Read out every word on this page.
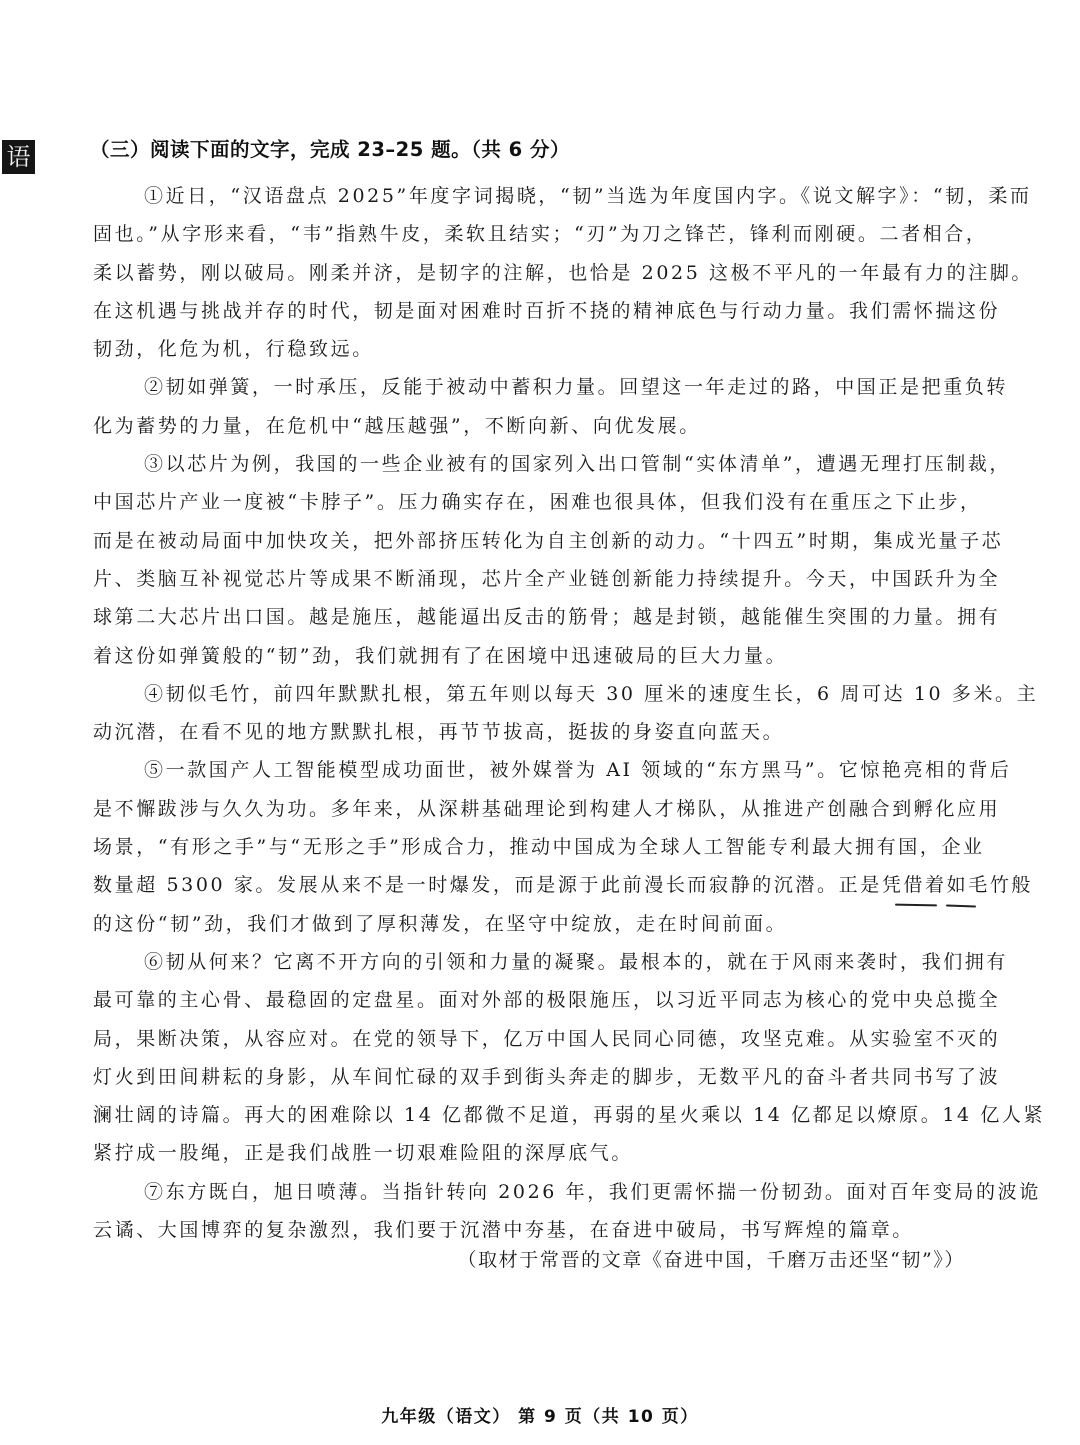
语	（三）阅读下面的文字，完成 23–25 题。（共 6 分）
①近日，“汉语盘点 2025”年度字词揭晓，“韧”当选为年度国内字。《说文解字》：“韧，柔而
固也。”从字形来看，“韦”指熟牛皮，柔软且结实；“刃”为刀之锋芒，锋利而刚硬。二者相合，
柔以蓄势，刚以破局。刚柔并济，是韧字的注解，也恰是 2025 这极不平凡的一年最有力的注脚。
在这机遇与挑战并存的时代，韧是面对困难时百折不挠的精神底色与行动力量。我们需怀揣这份
韧劲，化危为机，行稳致远。
②韧如弹簧，一时承压，反能于被动中蓄积力量。回望这一年走过的路，中国正是把重负转
化为蓄势的力量，在危机中“越压越强”，不断向新、向优发展。
③以芯片为例，我国的一些企业被有的国家列入出口管制“实体清单”，遭遇无理打压制裁，
中国芯片产业一度被“卡脖子”。压力确实存在，困难也很具体，但我们没有在重压之下止步，
而是在被动局面中加快攻关，把外部挤压转化为自主创新的动力。“十四五”时期，集成光量子芯
片、类脑互补视觉芯片等成果不断涌现，芯片全产业链创新能力持续提升。今天，中国跃升为全
球第二大芯片出口国。越是施压，越能逼出反击的筋骨；越是封锁，越能催生突围的力量。拥有
着这份如弹簧般的“韧”劲，我们就拥有了在困境中迅速破局的巨大力量。
④韧似毛竹，前四年默默扎根，第五年则以每天 30 厘米的速度生长，6 周可达 10 多米。主
动沉潜，在看不见的地方默默扎根，再节节拔高，挺拔的身姿直向蓝天。
⑤一款国产人工智能模型成功面世，被外媒誉为 AI 领域的“东方黑马”。它惊艳亮相的背后
是不懈跋涉与久久为功。多年来，从深耕基础理论到构建人才梯队，从推进产创融合到孵化应用
场景，“有形之手”与“无形之手”形成合力，推动中国成为全球人工智能专利最大拥有国，企业
数量超 5300 家。发展从来不是一时爆发，而是源于此前漫长而寂静的沉潜。正是凭借着如毛竹般
的这份“韧”劲，我们才做到了厚积薄发，在坚守中绽放，走在时间前面。
⑥韧从何来？它离不开方向的引领和力量的凝聚。最根本的，就在于风雨来袭时，我们拥有
最可靠的主心骨、最稳固的定盘星。面对外部的极限施压，以习近平同志为核心的党中央总揽全
局，果断决策，从容应对。在党的领导下，亿万中国人民同心同德，攻坚克难。从实验室不灭的
灯火到田间耕耘的身影，从车间忙碌的双手到街头奔走的脚步，无数平凡的奋斗者共同书写了波
澜壮阔的诗篇。再大的困难除以 14 亿都微不足道，再弱的星火乘以 14 亿都足以燎原。14 亿人紧
紧拧成一股绳，正是我们战胜一切艰难险阻的深厚底气。
⑦东方既白，旭日喷薄。当指针转向 2026 年，我们更需怀揣一份韧劲。面对百年变局的波诡
云谲、大国博弈的复杂激烈，我们要于沉潜中夯基，在奋进中破局，书写辉煌的篇章。
（取材于常晋的文章《奋进中国，千磨万击还坚“韧”》）
九年级（语文） 第 9 页（共 10 页）
